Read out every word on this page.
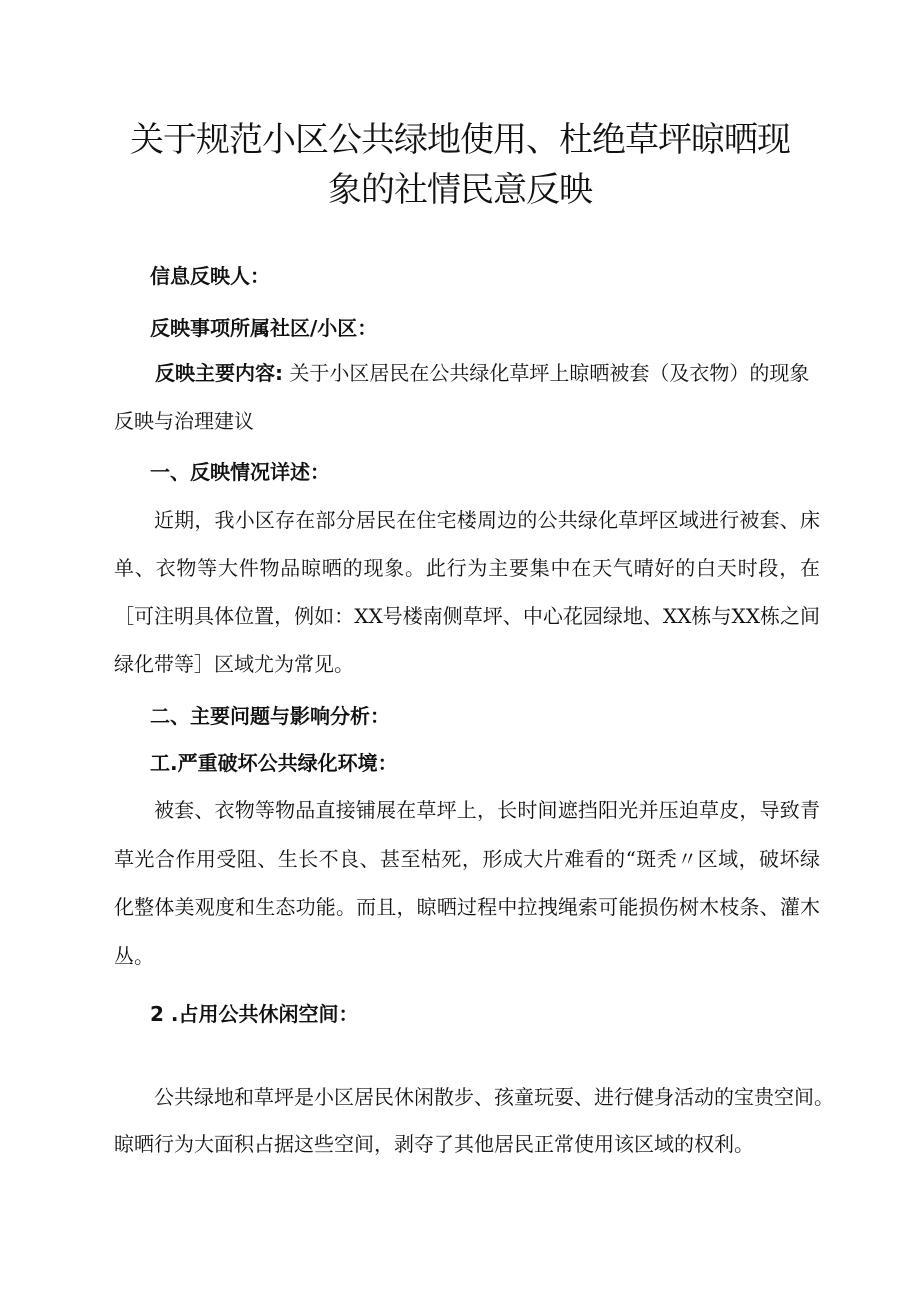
关于规范小区公共绿地使用、杜绝草坪晾晒现
象的社情民意反映
信息反映人：
反映事项所属社区/小区：
反映主要内容: 关于小区居民在公共绿化草坪上晾晒被套（及衣物）的现象
反映与治理建议
一、反映情况详述：
近期，我小区存在部分居民在住宅楼周边的公共绿化草坪区域进行被套、床
单、衣物等大件物品晾晒的现象。此行为主要集中在天气晴好的白天时段，在
［可注明具体位置，例如：XX号楼南侧草坪、中心花园绿地、XX栋与XX栋之间
绿化带等］区域尤为常见。
二、主要问题与影响分析：
工.严重破坏公共绿化环境：
被套、衣物等物品直接铺展在草坪上，长时间遮挡阳光并压迫草皮，导致青
草光合作用受阻、生长不良、甚至枯死，形成大片难看的“斑秃〃区域，破坏绿
化整体美观度和生态功能。而且，晾晒过程中拉拽绳索可能损伤树木枝条、灌木
丛。
2 .占用公共休闲空间：
公共绿地和草坪是小区居民休闲散步、孩童玩耍、进行健身活动的宝贵空间。
晾晒行为大面积占据这些空间，剥夺了其他居民正常使用该区域的权利。
